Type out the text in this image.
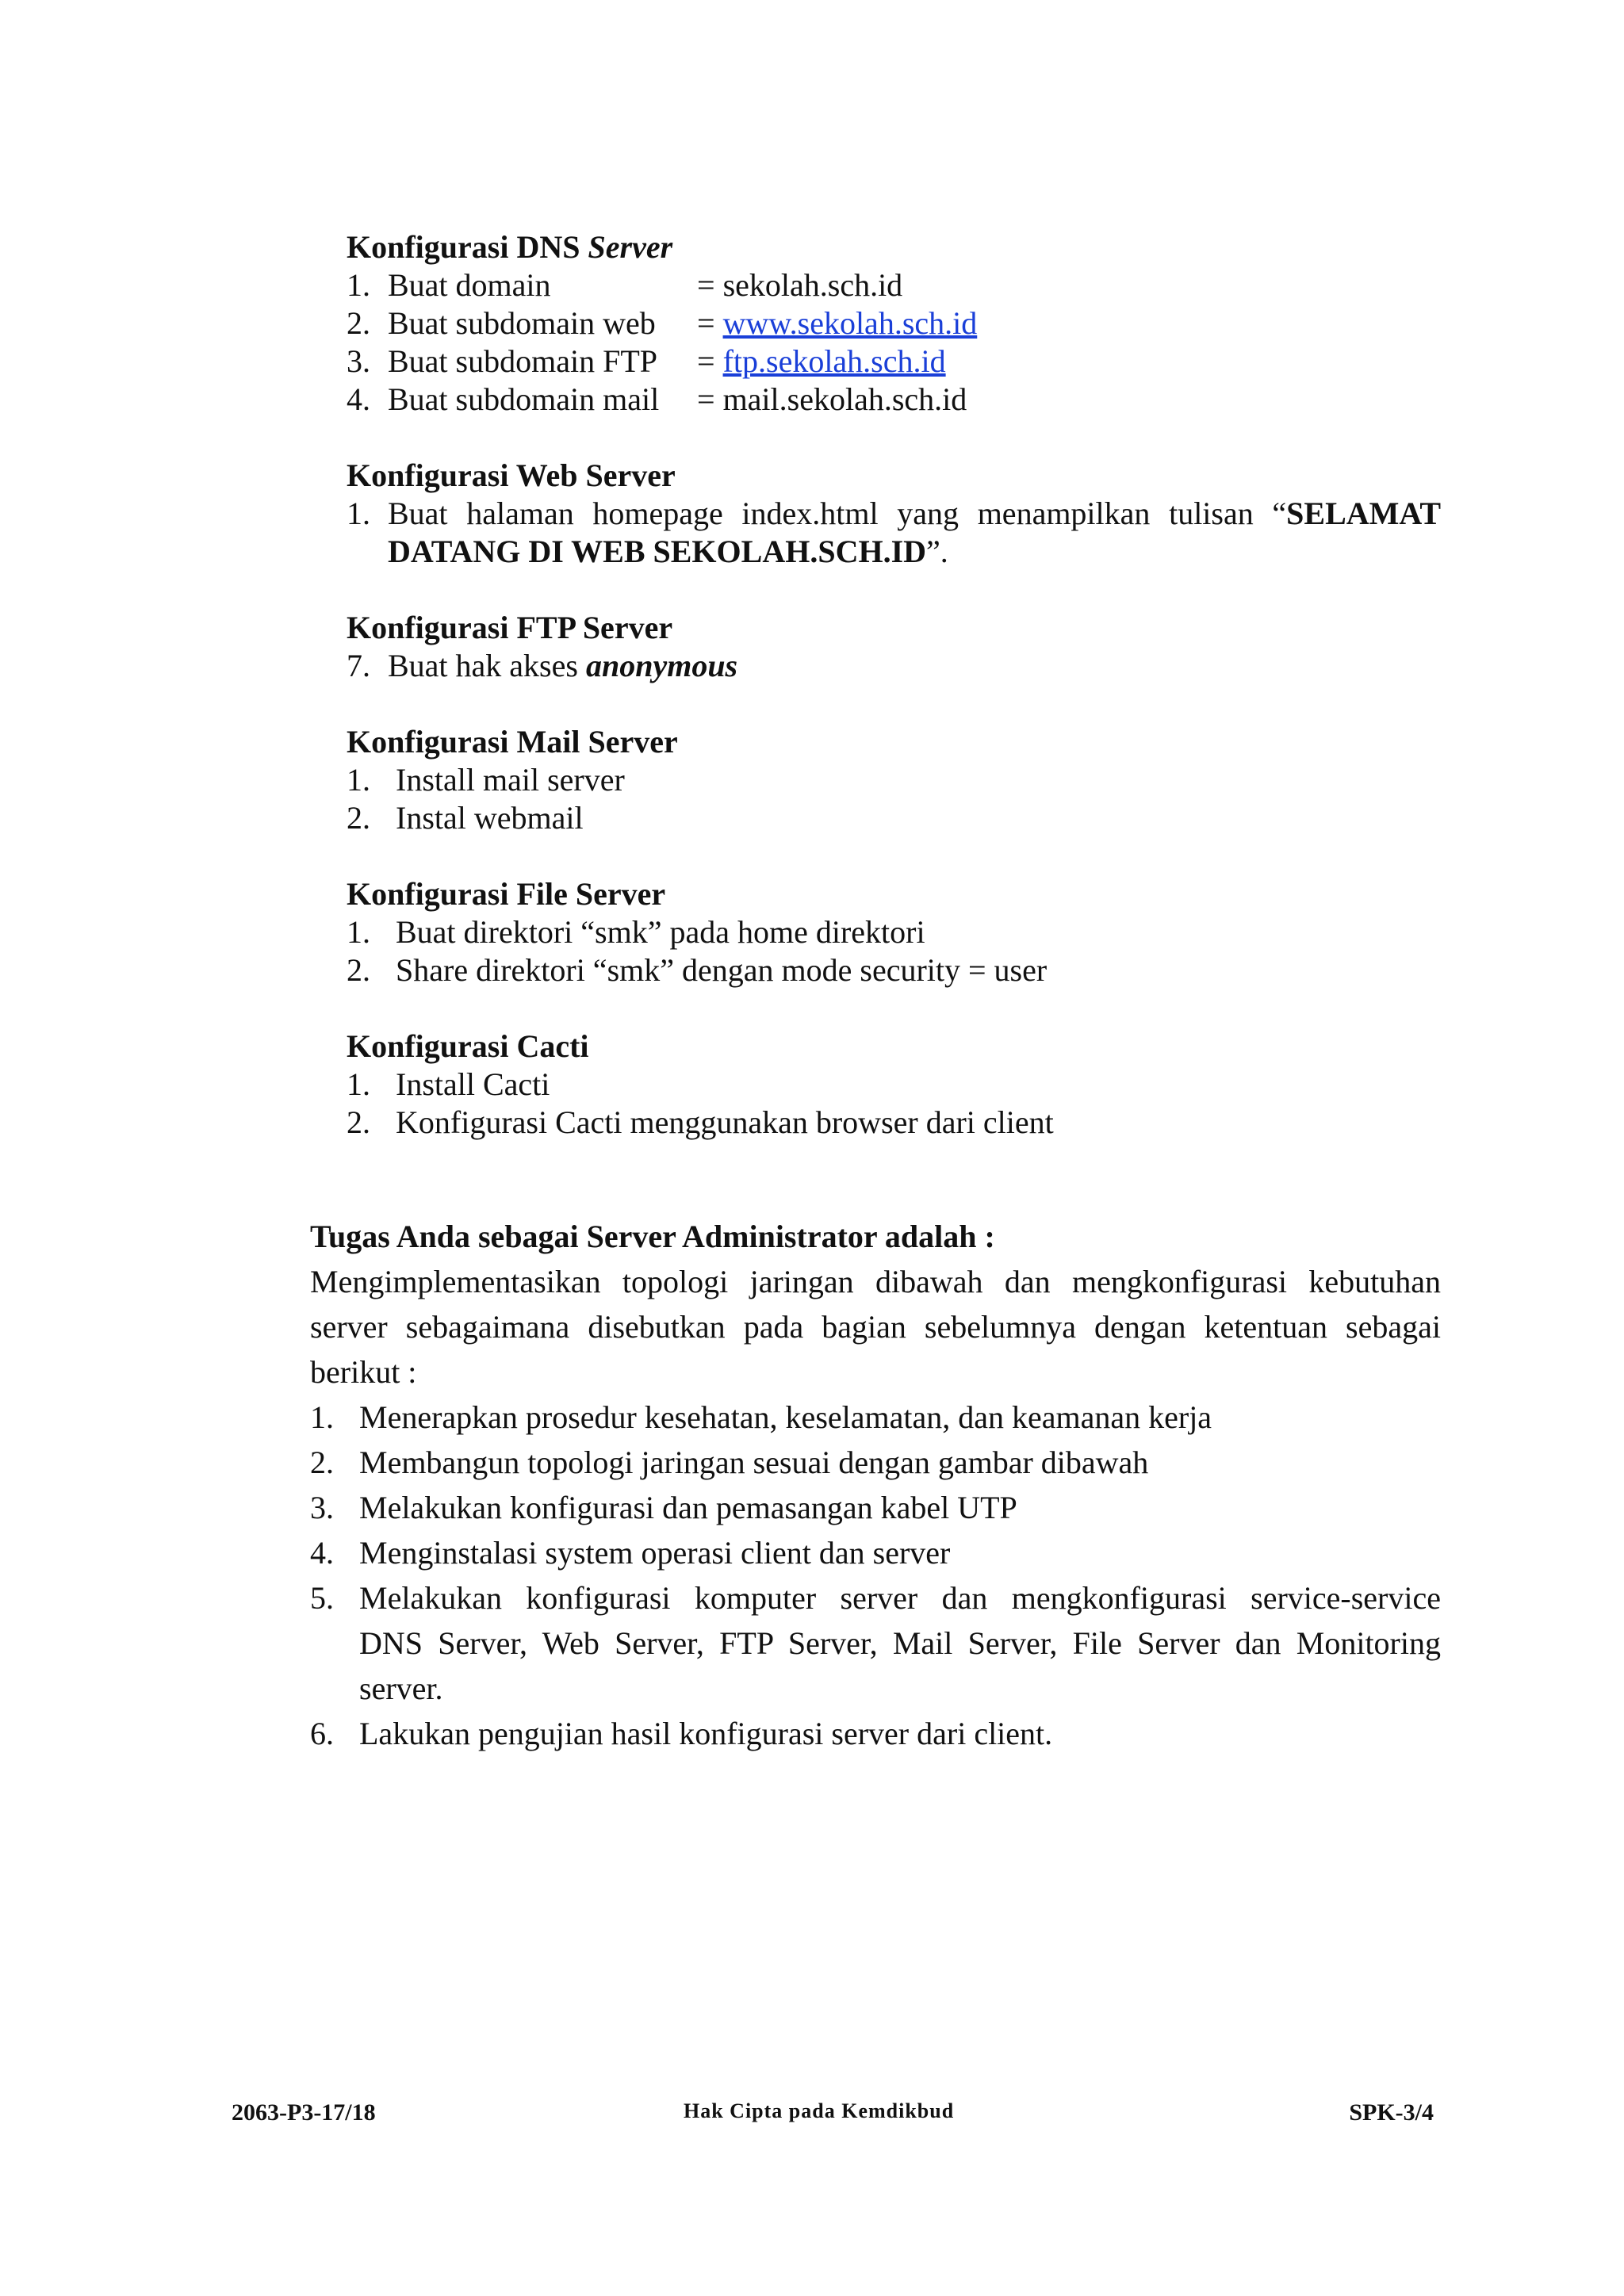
Konfigurasi DNS Server
1. Buat domain	= sekolah.sch.id
2. Buat subdomain web	= www.sekolah.sch.id
3. Buat subdomain FTP	= ftp.sekolah.sch.id
4. Buat subdomain mail	= mail.sekolah.sch.id
Konfigurasi Web Server
1. Buat halaman homepage index.html yang menampilkan tulisan “SELAMAT
DATANG DI WEB SEKOLAH.SCH.ID”.
Konfigurasi FTP Server
7. Buat hak akses anonymous
Konfigurasi Mail Server
1. Install mail server
2. Instal webmail
Konfigurasi File Server
1. Buat direktori “smk” pada home direktori
2. Share direktori “smk” dengan mode security = user
Konfigurasi Cacti
1. Install Cacti
2. Konfigurasi Cacti menggunakan browser dari client
Tugas Anda sebagai Server Administrator adalah :
Mengimplementasikan topologi jaringan dibawah dan mengkonfigurasi kebutuhan
server sebagaimana disebutkan pada bagian sebelumnya dengan ketentuan sebagai
berikut :
1. Menerapkan prosedur kesehatan, keselamatan, dan keamanan kerja
2. Membangun topologi jaringan sesuai dengan gambar dibawah
3. Melakukan konfigurasi dan pemasangan kabel UTP
4. Menginstalasi system operasi client dan server
5. Melakukan konfigurasi komputer server dan mengkonfigurasi service-service
DNS Server, Web Server, FTP Server, Mail Server, File Server dan Monitoring
server.
6. Lakukan pengujian hasil konfigurasi server dari client.
2063-P3-17/18	Hak Cipta pada Kemdikbud	SPK-3/4
